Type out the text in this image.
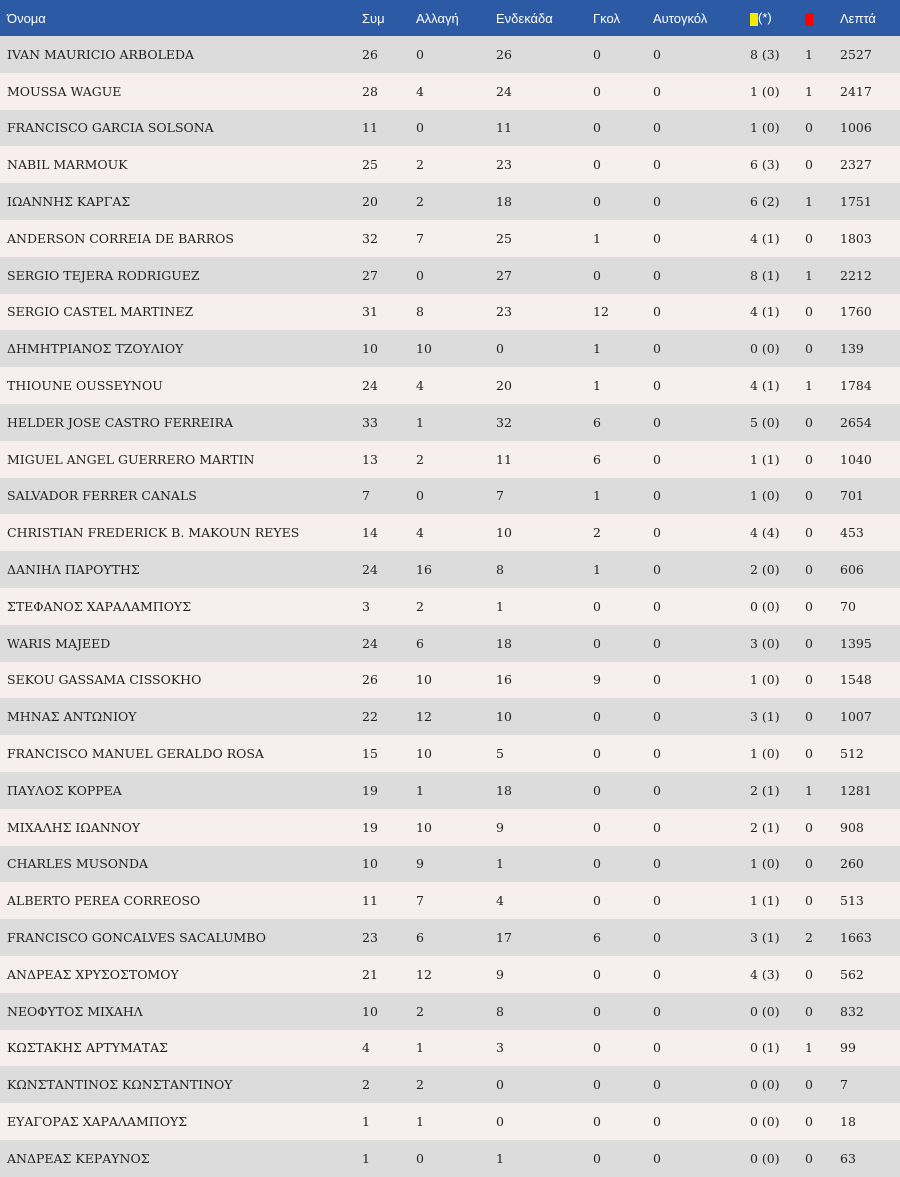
Όνομα	Συμ	Αλλαγή	Ενδεκάδα	Γκολ	Αυτογκόλ	(*)		Λεπτά
IVAN MAURICIO ARBOLEDA	26	0	26	0	0	8 (3)	1	2527
MOUSSA WAGUE	28	4	24	0	0	1 (0)	1	2417
FRANCISCO GARCIA SOLSONA	11	0	11	0	0	1 (0)	0	1006
NABIL MARMOUK	25	2	23	0	0	6 (3)	0	2327
ΙΩΑΝΝΗΣ ΚΑΡΓΑΣ	20	2	18	0	0	6 (2)	1	1751
ANDERSON CORREIA DE BARROS	32	7	25	1	0	4 (1)	0	1803
SERGIO TEJERA RODRIGUEZ	27	0	27	0	0	8 (1)	1	2212
SERGIO CASTEL MARTINEZ	31	8	23	12	0	4 (1)	0	1760
ΔΗΜΗΤΡΙΑΝΟΣ ΤΖΟΥΛΙΟΥ	10	10	0	1	0	0 (0)	0	139
THIOUNE OUSSEYNOU	24	4	20	1	0	4 (1)	1	1784
HELDER JOSE CASTRO FERREIRA	33	1	32	6	0	5 (0)	0	2654
MIGUEL ANGEL GUERRERO MARTIN	13	2	11	6	0	1 (1)	0	1040
SALVADOR FERRER CANALS	7	0	7	1	0	1 (0)	0	701
CHRISTIAN FREDERICK B. MAKOUN REYES	14	4	10	2	0	4 (4)	0	453
ΔΑΝΙΗΛ ΠΑΡΟΥΤΗΣ	24	16	8	1	0	2 (0)	0	606
ΣΤΕΦΑΝΟΣ ΧΑΡΑΛΑΜΠΟΥΣ	3	2	1	0	0	0 (0)	0	70
WARIS MAJEED	24	6	18	0	0	3 (0)	0	1395
SEKOU GASSAMA CISSOKHO	26	10	16	9	0	1 (0)	0	1548
ΜΗΝΑΣ ΑΝΤΩΝΙΟΥ	22	12	10	0	0	3 (1)	0	1007
FRANCISCO MANUEL GERALDO ROSA	15	10	5	0	0	1 (0)	0	512
ΠΑΥΛΟΣ ΚΟΡΡΕΑ	19	1	18	0	0	2 (1)	1	1281
ΜΙΧΑΛΗΣ ΙΩΑΝΝΟΥ	19	10	9	0	0	2 (1)	0	908
CHARLES MUSONDA	10	9	1	0	0	1 (0)	0	260
ALBERTO PEREA CORREOSO	11	7	4	0	0	1 (1)	0	513
FRANCISCO GONCALVES SACALUMBO	23	6	17	6	0	3 (1)	2	1663
ΑΝΔΡΕΑΣ ΧΡΥΣΟΣΤΟΜΟΥ	21	12	9	0	0	4 (3)	0	562
ΝΕΟΦΥΤΟΣ ΜΙΧΑΗΛ	10	2	8	0	0	0 (0)	0	832
ΚΩΣΤΑΚΗΣ ΑΡΤΥΜΑΤΑΣ	4	1	3	0	0	0 (1)	1	99
ΚΩΝΣΤΑΝΤΙΝΟΣ ΚΩΝΣΤΑΝΤΙΝΟΥ	2	2	0	0	0	0 (0)	0	7
ΕΥΑΓΟΡΑΣ ΧΑΡΑΛΑΜΠΟΥΣ	1	1	0	0	0	0 (0)	0	18
ΑΝΔΡΕΑΣ ΚΕΡΑΥΝΟΣ	1	0	1	0	0	0 (0)	0	63
